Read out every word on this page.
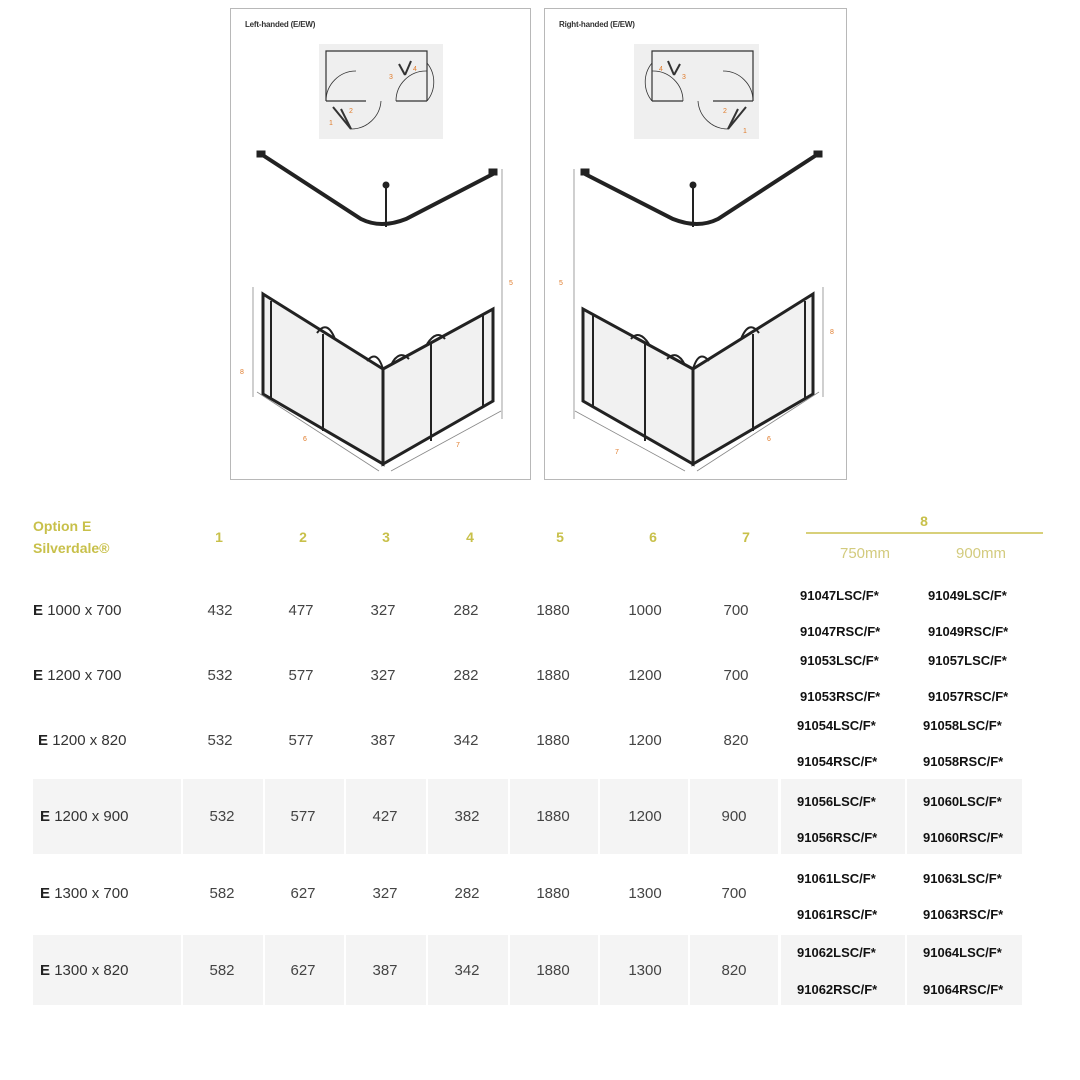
Left-handed (E/EW)
1
2
3
4
5
8
6
7
Right-handed (E/EW)
1
2
3
4
5
8
6
7
Option E
Silverdale®
1	2	3	4	5	6	7
8
750mm	900mm
E 1000 x 700	432	477	327	282	1880	1000	700
91047LSC/F*	91049LSC/F*
91047RSC/F*	91049RSC/F*
E 1200 x 700	532	577	327	282	1880	1200	700
91053LSC/F*	91057LSC/F*
91053RSC/F*	91057RSC/F*
E 1200 x 820	532	577	387	342	1880	1200	820
91054LSC/F*	91058LSC/F*
91054RSC/F*	91058RSC/F*
E 1200 x 900	532	577	427	382	1880	1200	900
91056LSC/F*	91060LSC/F*
91056RSC/F*	91060RSC/F*
E 1300 x 700	582	627	327	282	1880	1300	700
91061LSC/F*	91063LSC/F*
91061RSC/F*	91063RSC/F*
E 1300 x 820	582	627	387	342	1880	1300	820
91062LSC/F*	91064LSC/F*
91062RSC/F*	91064RSC/F*
